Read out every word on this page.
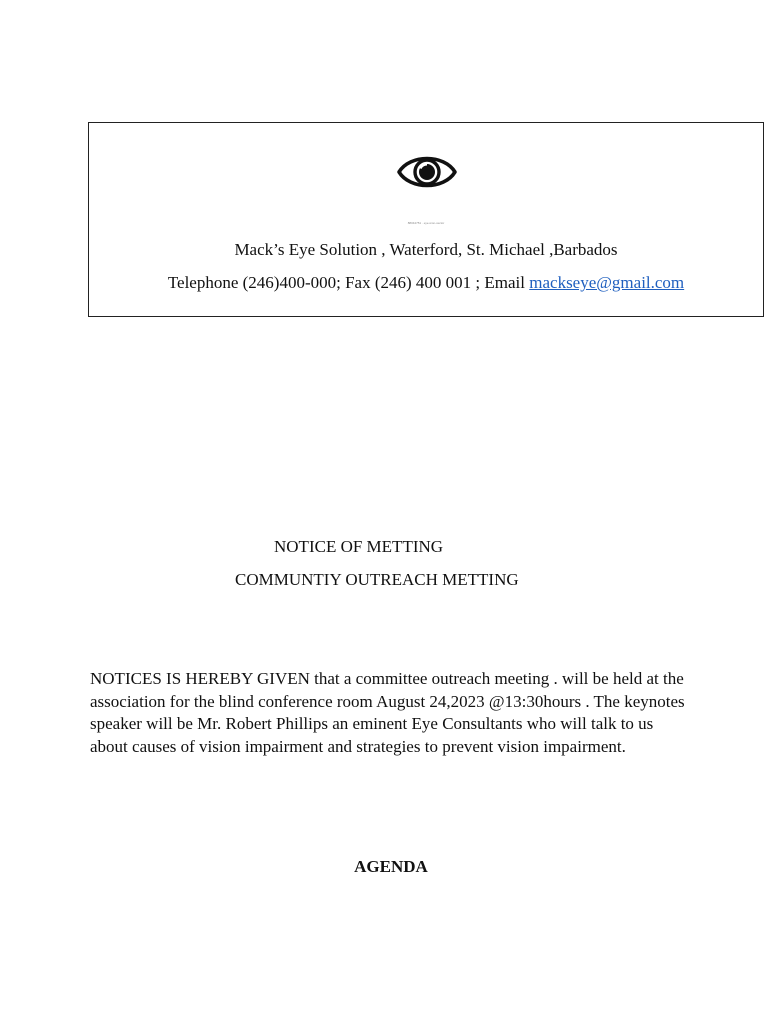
88044751 · eye-icon-vector
Mack’s Eye Solution , Waterford, St. Michael ,Barbados
Telephone (246)400-000; Fax (246) 400 001 ; Email mackseye@gmail.com
NOTICE OF METTING
COMMUNTIY OUTREACH METTING

NOTICES IS HEREBY GIVEN that a committee outreach meeting . will be held at the association for the blind conference room August 24,2023 @13:30hours . The keynotes speaker will be Mr. Robert Phillips an eminent Eye Consultants who will talk to us about causes of vision impairment and strategies to prevent vision impairment.

AGENDA
